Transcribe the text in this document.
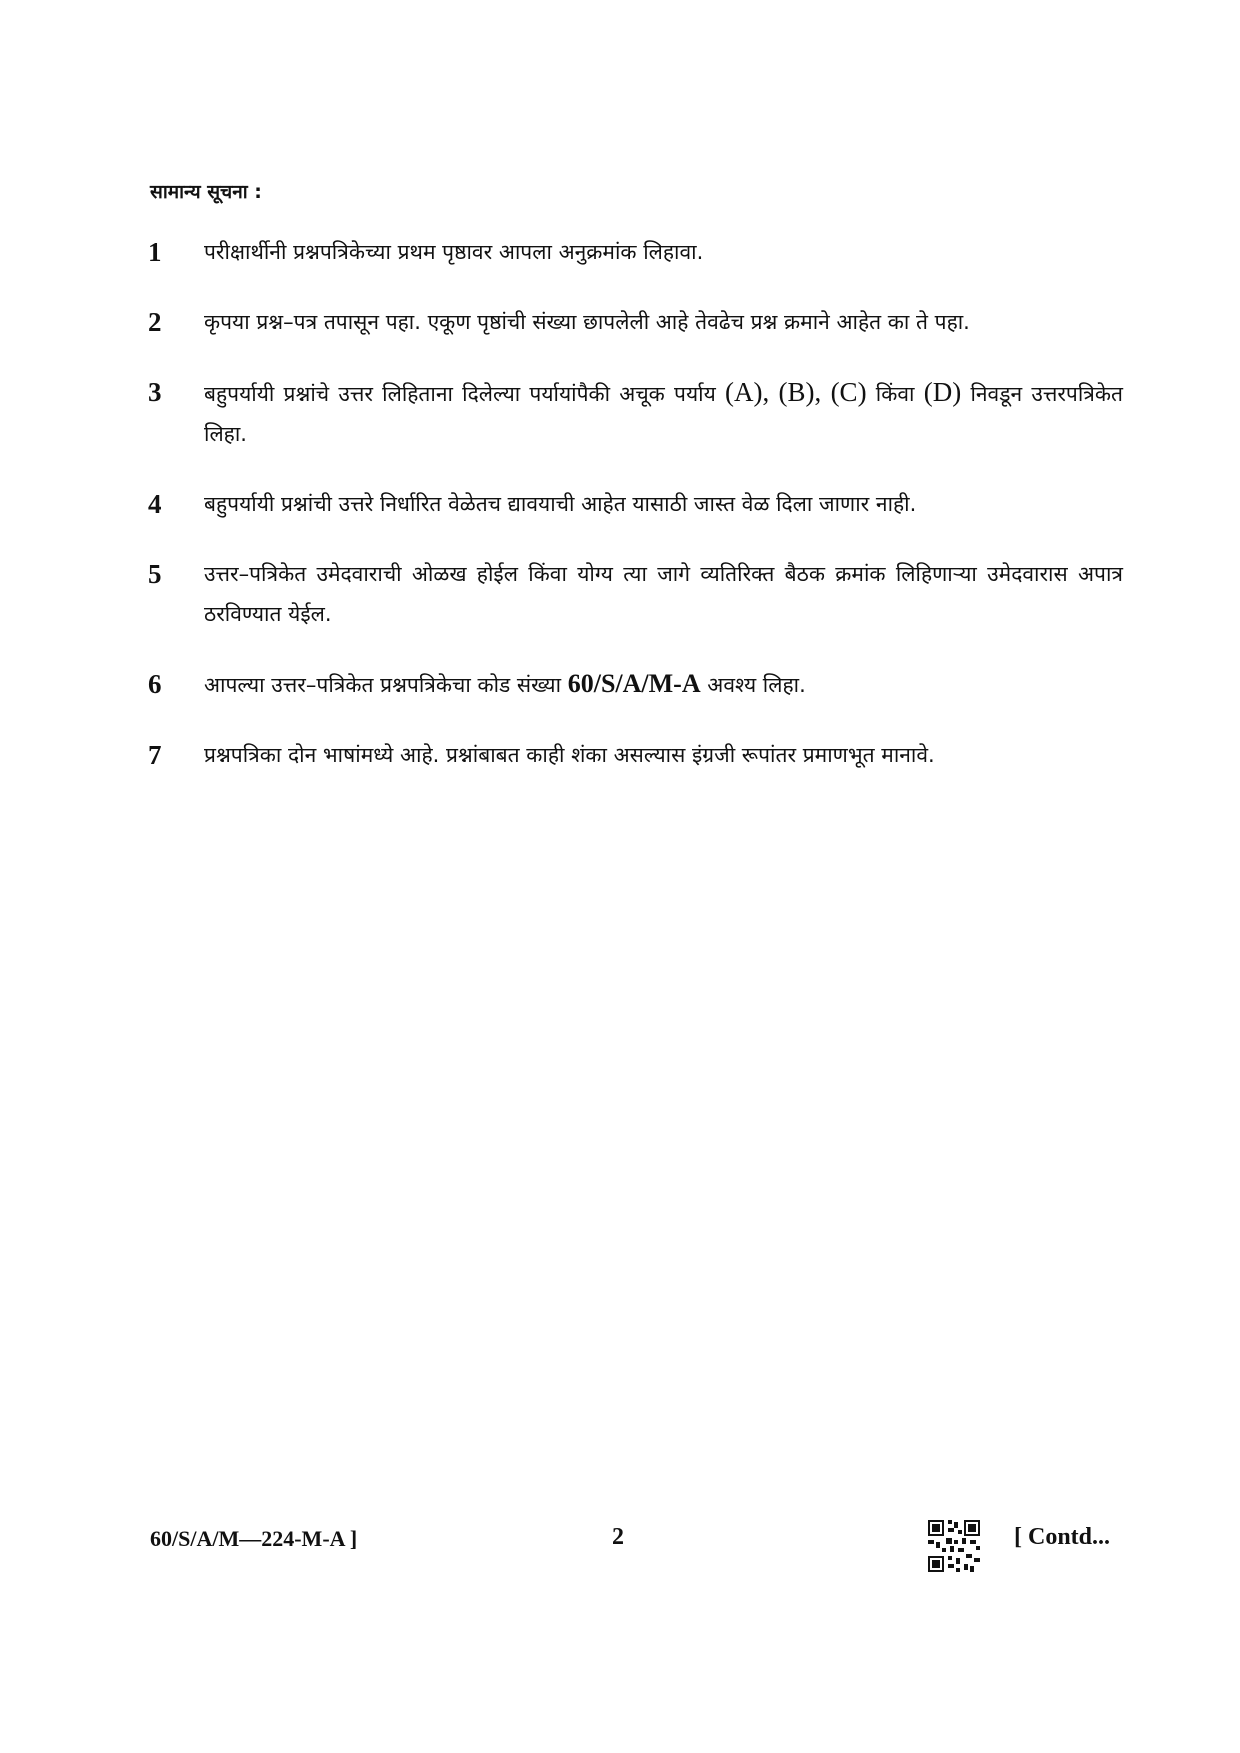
सामान्य सूचना :
1	परीक्षार्थीनी प्रश्नपत्रिकेच्या प्रथम पृष्ठावर आपला अनुक्रमांक लिहावा.
2	कृपया प्रश्न–पत्र तपासून पहा. एकूण पृष्ठांची संख्या छापलेली आहे तेवढेच प्रश्न क्रमाने आहेत का ते पहा.
3	बहुपर्यायी प्रश्नांचे उत्तर लिहिताना दिलेल्या पर्यायांपैकी अचूक पर्याय (A), (B), (C) किंवा (D) निवडून उत्तरपत्रिकेत लिहा.
4	बहुपर्यायी प्रश्नांची उत्तरे निर्धारित वेळेतच द्यावयाची आहेत यासाठी जास्त वेळ दिला जाणार नाही.
5	उत्तर–पत्रिकेत उमेदवाराची ओळख होईल किंवा योग्य त्या जागे व्यतिरिक्त बैठक क्रमांक लिहिणाऱ्या उमेदवारास अपात्र ठरविण्यात येईल.
6	आपल्या उत्तर–पत्रिकेत प्रश्नपत्रिकेचा कोड संख्या 60/S/A/M-A अवश्य लिहा.
7	प्रश्नपत्रिका दोन भाषांमध्ये आहे. प्रश्नांबाबत काही शंका असल्यास इंग्रजी रूपांतर प्रमाणभूत मानावे.
60/S/A/M—224-M-A ]	2	[ Contd...
